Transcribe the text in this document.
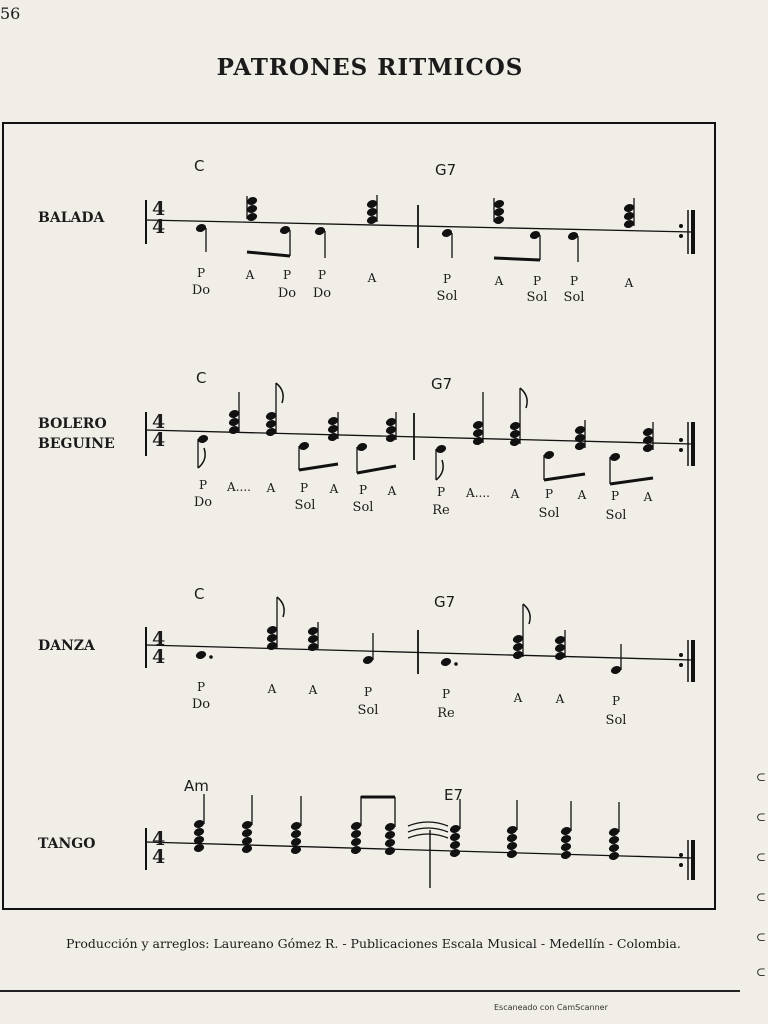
56
PATRONES RITMICOS
BALADA
BOLERO
BEGUINE
DANZA
TANGO
4
4
4
4
4
4
4
4
C	G7
C	G7
C	G7
Am	E7
P	A P P	A	P	A P P	A
Do	Do Do	Sol	Sol Sol
P A.... A P A P A	P A.... A P A P A
Do	Sol	Sol	Re	Sol	Sol
P	A	A	P	P	A	A	P
Do	Sol	Re	Sol
Producción y arreglos: Laureano Gómez R. - Publicaciones Escala Musical - Medellín - Colombia.
Escaneado con CamScanner
⊂
⊂
⊂
⊂
⊂
⊂
